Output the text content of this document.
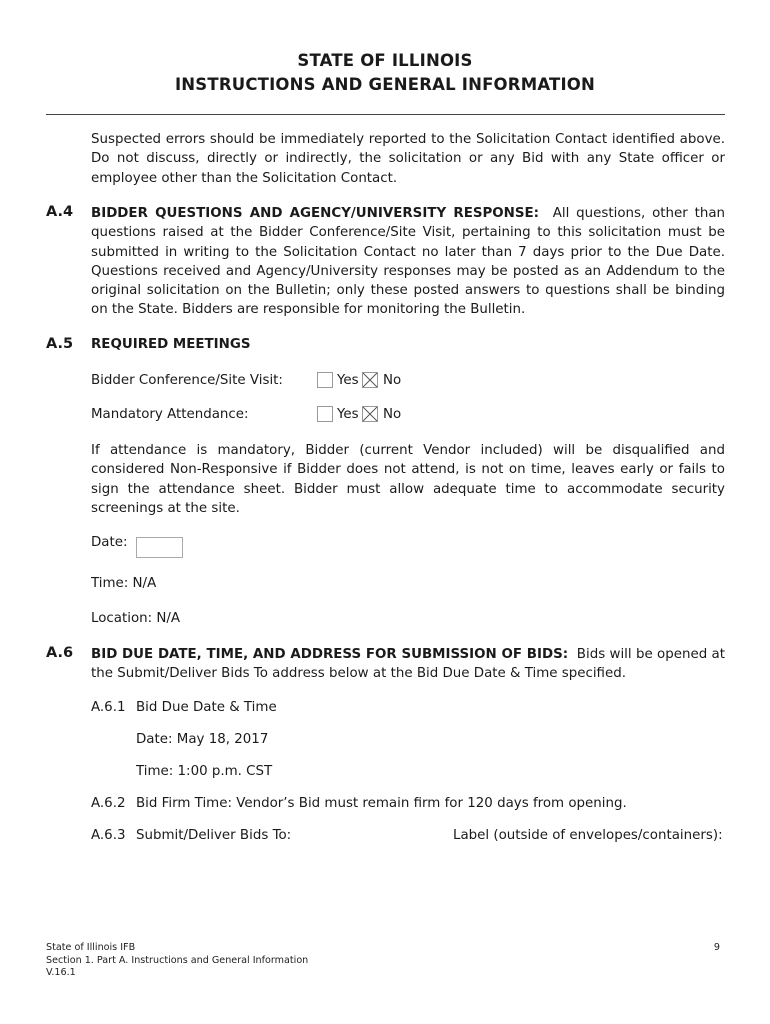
STATE OF ILLINOIS
INSTRUCTIONS AND GENERAL INFORMATION
Suspected errors should be immediately reported to the Solicitation Contact identified above. Do not discuss, directly or indirectly, the solicitation or any Bid with any State officer or employee other than the Solicitation Contact.
A.4 BIDDER QUESTIONS AND AGENCY/UNIVERSITY RESPONSE: All questions, other than questions raised at the Bidder Conference/Site Visit, pertaining to this solicitation must be submitted in writing to the Solicitation Contact no later than 7 days prior to the Due Date. Questions received and Agency/University responses may be posted as an Addendum to the original solicitation on the Bulletin; only these posted answers to questions shall be binding on the State. Bidders are responsible for monitoring the Bulletin.
A.5 REQUIRED MEETINGS
Bidder Conference/Site Visit:	Yes No
Mandatory Attendance:	Yes No
If attendance is mandatory, Bidder (current Vendor included) will be disqualified and considered Non-Responsive if Bidder does not attend, is not on time, leaves early or fails to sign the attendance sheet. Bidder must allow adequate time to accommodate security screenings at the site.
Date:
Time: N/A
Location: N/A
A.6 BID DUE DATE, TIME, AND ADDRESS FOR SUBMISSION OF BIDS: Bids will be opened at the Submit/Deliver Bids To address below at the Bid Due Date & Time specified.
A.6.1 Bid Due Date & Time
Date: May 18, 2017
Time: 1:00 p.m. CST
A.6.2 Bid Firm Time: Vendor’s Bid must remain firm for 120 days from opening.
A.6.3 Submit/Deliver Bids To:	Label (outside of envelopes/containers):
State of Illinois IFB
Section 1. Part A. Instructions and General Information
V.16.1
9
